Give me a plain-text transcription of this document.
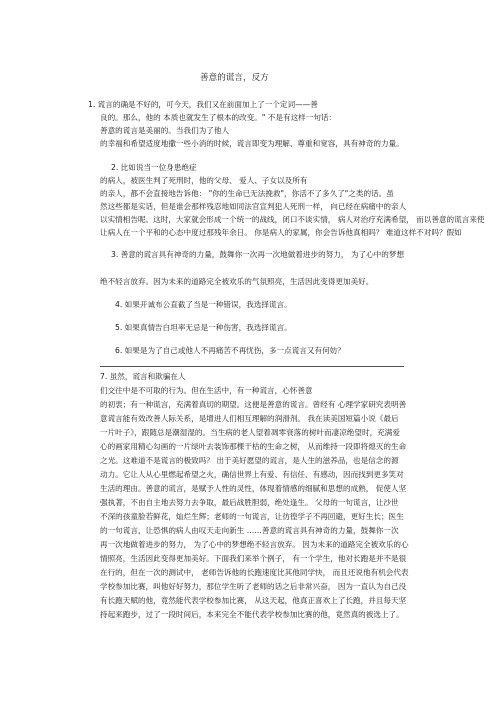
善意的谎言，反方
1. 谎言的确是不好的，可今天，我们又在前面加上了一个定词——善
良的。那么，他的 本质也就发生了根本的改变。" 不是有这样一句话：
善意的谎言是美丽的。当我们为了他人
的幸福和希望适度地撒一些小消的时候，谎言即变为理解、尊重和宽容，具有神奇的力量。
2. 比如说当一位身患绝症
的病人，被医生判了死刑时，他的父母、 爱人、子女以及所有
的亲人，都不会直接地告诉他： "你的生命已无法挽救"，你活不了多久了"之类的话。虽
然这些都是实话，但是谁会那样残忍地如同法官宣判犯人死刑一样， 向已经在病痛中的亲人
以实情相告呢。这时，大家就会形成一个统一的战线，闭口不谈实情， 病人对治疗充满希望， 而以善意的谎言来使
让病人在一个平和的心态中度过那残年余日。 你是病人的家属，你会告诉他真相吗？ 难道这样不对吗？假如
3. 善意的谎言具有神奇的力量，鼓舞你一次再一次地做着进步的努力， 为了心中的梦想
绝不轻言放弃。因为未来的道路完全被欢乐的气氛照亮，生活因此变得更加美好。
4. 如果开诚布公直截了当是一种错误，我选择谎言。
5. 如果真情告白坦率无忌是一种伤害，我选择谎言。
6. 如果是为了自己或他人不再痛苦不再忧伤，多一点谎言又有何妨？
7. 虽然，谎言和欺骗在人
们交往中是不可取的行为。但在生活中，有一种谎言，心怀善意
的初衷；有一种谎言，充满着真切的期望。这便是善意的谎言。曾经有 心理学家研究表明善
意谎言能有效改善人际关系，是增进人们相互理解的润滑剂。 我在读美国短篇小说《最后
一片叶子》，跟随总是潮湿湿的。当生病的老人望着凋零衰落的树叶而凄凉绝望时，充满爱
心的画家用精心勾画的一片绿叶去装饰那棵干枯的生命之树， 从而维持一段即将熄灭的生命
之光。这难道不是谎言的极致吗？ 出于美好愿望的谎言，是人生的滋养品，也是信念的源
动力。它让人从心里燃起希望之火，确信世界上有爱、有信任、有感动，因而找到更多笑对
生活的理由。善意的谎言，是赋予人性的灵性，体现着情感的细腻和思想的成熟， 促使人坚
强执著，不由自主地去努力去争取，最后战胜胆弱，绝处逢生。 父母的一句谎言，让沙世
不深的孩童脸若鲜花，灿烂生辉；老师的一句谎言，让彷徨学子不再回避，更好生长；医生
的一句谎言，让恐惧的病人由叹天走向新生 ……善意的谎言具有神奇的力量，鼓舞你一次
再一次地做着进步的努力， 为了心中的梦想绝不轻言放弃。 因为未来的道路完全被欢乐的心
情照亮，生活因此变得更加美好。下面我们来举个例子， 有一个学生，他对长跑是并不是很
在行的，但在一次的测试中， 老师告诉他的长跑速度比其他同学快， 而且还说他有机会代表
学校参加比赛，叫他好好努力，那位学生听了老师的话之后非常兴奋， 因为一直认为自己没
有长跑天赋的他，竟然能代表学校参加比赛， 从这天起，他真正喜欢上了长跑，并且每天坚
持起来跑步，过了一段时间后，本来完全不能代表学校参加比赛的他，竟然真的被选上了。
